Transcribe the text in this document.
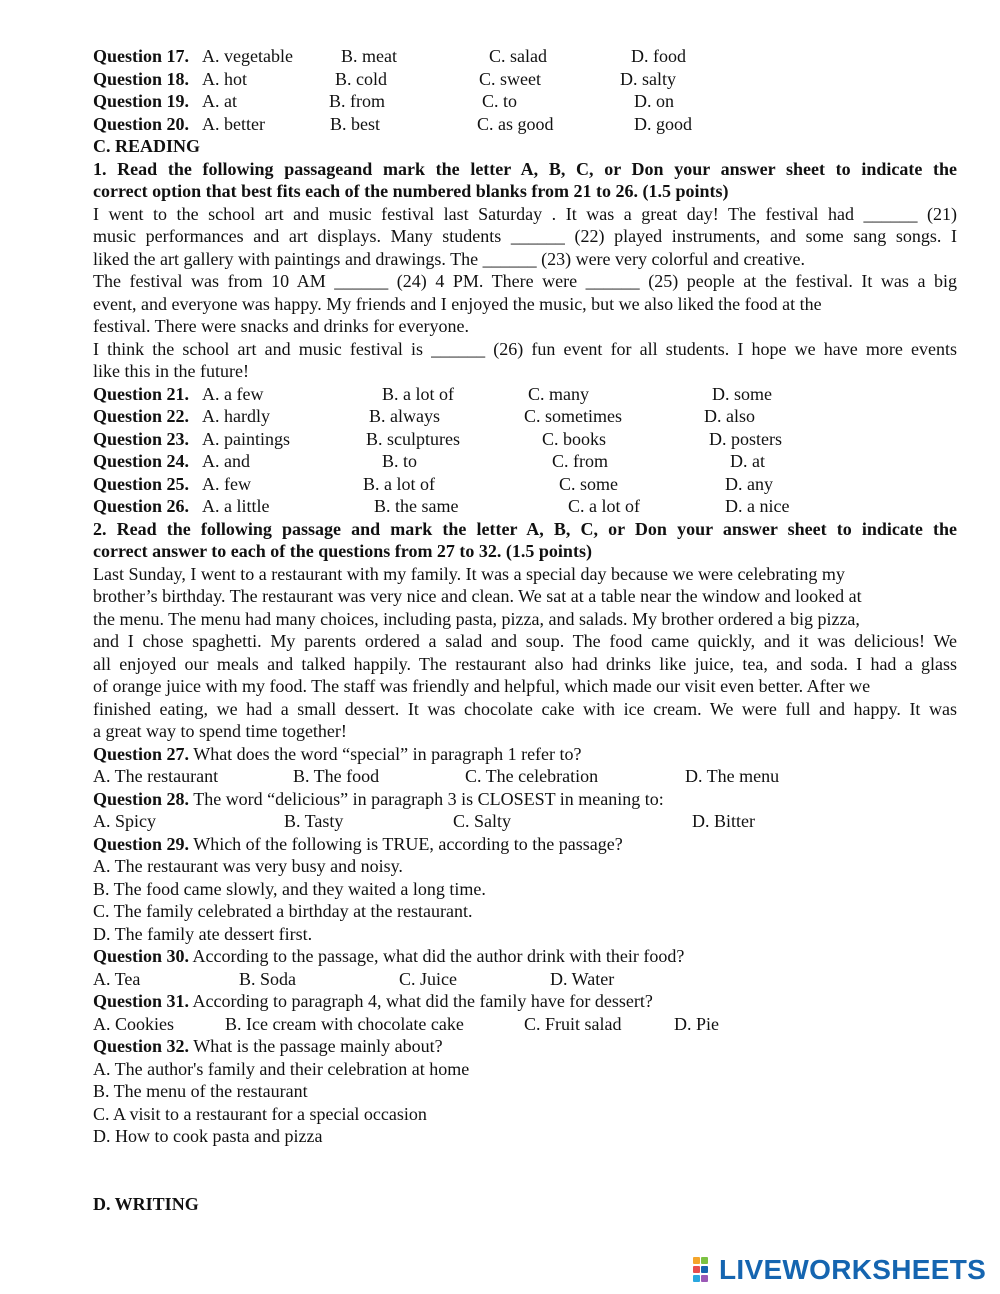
Question 17. A. vegetable	B. meat	C. salad	D. food
Question 18. A. hot	B. cold	C. sweet	D. salty
Question 19. A. at	B. from	C. to	D. on
Question 20. A. better	B. best	C. as good	D. good
C. READING
1. Read the following passageand mark the letter A, B, C, or Don your answer sheet to indicate the
correct option that best fits each of the numbered blanks from 21 to 26. (1.5 points)
I went to the school art and music festival last Saturday . It was a great day! The festival had ______ (21)
music performances and art displays. Many students ______ (22) played instruments, and some sang songs. I
liked the art gallery with paintings and drawings. The ______ (23) were very colorful and creative.
The festival was from 10 AM ______ (24) 4 PM. There were ______ (25) people at the festival. It was a big
event, and everyone was happy. My friends and I enjoyed the music, but we also liked the food at the
festival. There were snacks and drinks for everyone.
I think the school art and music festival is ______ (26) fun event for all students. I hope we have more events
like this in the future!
Question 21. A. a few	B. a lot of	C. many	D. some
Question 22. A. hardly	B. always	C. sometimes	D. also
Question 23. A. paintings	B. sculptures	C. books	D. posters
Question 24. A. and	B. to	C. from	D. at
Question 25. A. few	B. a lot of	C. some	D. any
Question 26. A. a little	B. the same	C. a lot of	D. a nice
2. Read the following passage and mark the letter A, B, C, or Don your answer sheet to indicate the
correct answer to each of the questions from 27 to 32. (1.5 points)
Last Sunday, I went to a restaurant with my family. It was a special day because we were celebrating my
brother’s birthday. The restaurant was very nice and clean. We sat at a table near the window and looked at
the menu. The menu had many choices, including pasta, pizza, and salads. My brother ordered a big pizza,
and I chose spaghetti. My parents ordered a salad and soup. The food came quickly, and it was delicious! We
all enjoyed our meals and talked happily. The restaurant also had drinks like juice, tea, and soda. I had a glass
of orange juice with my food. The staff was friendly and helpful, which made our visit even better. After we
finished eating, we had a small dessert. It was chocolate cake with ice cream. We were full and happy. It was
a great way to spend time together!
Question 27. What does the word “special” in paragraph 1 refer to?
A. The restaurant	B. The food	C. The celebration	D. The menu
Question 28. The word “delicious” in paragraph 3 is CLOSEST in meaning to:
A. Spicy	B. Tasty	C. Salty	D. Bitter
Question 29. Which of the following is TRUE, according to the passage?
A. The restaurant was very busy and noisy.
B. The food came slowly, and they waited a long time.
C. The family celebrated a birthday at the restaurant.
D. The family ate dessert first.
Question 30. According to the passage, what did the author drink with their food?
A. Tea	B. Soda	C. Juice	D. Water
Question 31. According to paragraph 4, what did the family have for dessert?
A. Cookies	B. Ice cream with chocolate cake	C. Fruit salad	D. Pie
Question 32. What is the passage mainly about?
A. The author's family and their celebration at home
B. The menu of the restaurant
C. A visit to a restaurant for a special occasion
D. How to cook pasta and pizza
D. WRITING
LIVEWORKSHEETS
